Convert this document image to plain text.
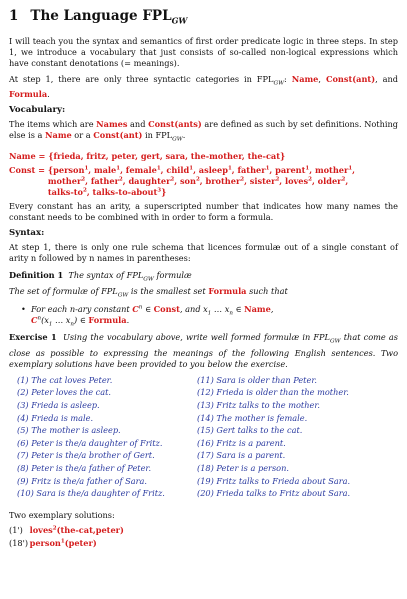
1 The Language $FPL_{GW}$

I will teach you the syntax and semantics of first order predicate logic in three steps. In step 1, we introduce a vocabulary that just consists of so-called non-logical expressions which have constant denotations (= meanings).

At step 1, there are only three syntactic categories in $FPL_{GW}$: Name, Const(ant), and Formula.

Vocabulary:

The items which are Names and Const(ants) are defined as such by set definitions. Nothing else is a Name or a Const(ant) in $FPL_{GW}$.

Name = {frieda, fritz, peter, gert, sara, the-mother, the-cat}
Const = {person$^1$, male$^1$, female$^1$, child$^1$, asleep$^1$, father$^1$, parent$^1$, mother$^1$,
mother$^2$, father$^2$, daughter$^2$, son$^2$, brother$^2$, sister$^2$, loves$^2$, older$^2$,
talks-$to^2$, talks-to-about$^3$}

Every constant has an arity, a superscripted number that indicates how many names the constant needs to be combined with in order to form a formula.

Syntax:

At step 1, there is only one rule schema that licences formulæ out of a single constant of arity n followed by n names in parentheses:

Definition 1 The syntax of $FPL_{GW}$ formulæ
The set of formulæ of $FPL_{GW}$ is the smallest set Formula such that
• For each n-ary constant $C^n$ ∈ Const, and $x_1$ … $x_n$ ∈ Name,
$C^n(x_1$ … $x_n$) ∈ Formula.

Exercise 1 Using the vocabulary above, write well formed formulæ in $FPL_{GW}$ that come as close as possible to expressing the meanings of the following English sentences. Two exemplary solutions have been provided to you below the exercise.

(1) The cat loves Peter.
(2) Peter loves the cat.
(3) Frieda is asleep.
(4) Frieda is male.
(5) The mother is asleep.
(6) Peter is the/a daughter of Fritz.
(7) Peter is the/a brother of Gert.
(8) Peter is the/a father of Peter.
(9) Fritz is the/a father of Sara.
(10) Sara is the/a daughter of Fritz.
(11) Sara is older than Peter.
(12) Frieda is older than the mother.
(13) Fritz talks to the mother.
(14) The mother is female.
(15) Gert talks to the cat.
(16) Fritz is a parent.
(17) Sara is a parent.
(18) Peter is a person.
(19) Fritz talks to Frieda about Sara.
(20) Frieda talks to Fritz about Sara.
Two exemplary solutions:
(1') loves$^2$(the-cat,peter)
(18') person$^1$(peter)
